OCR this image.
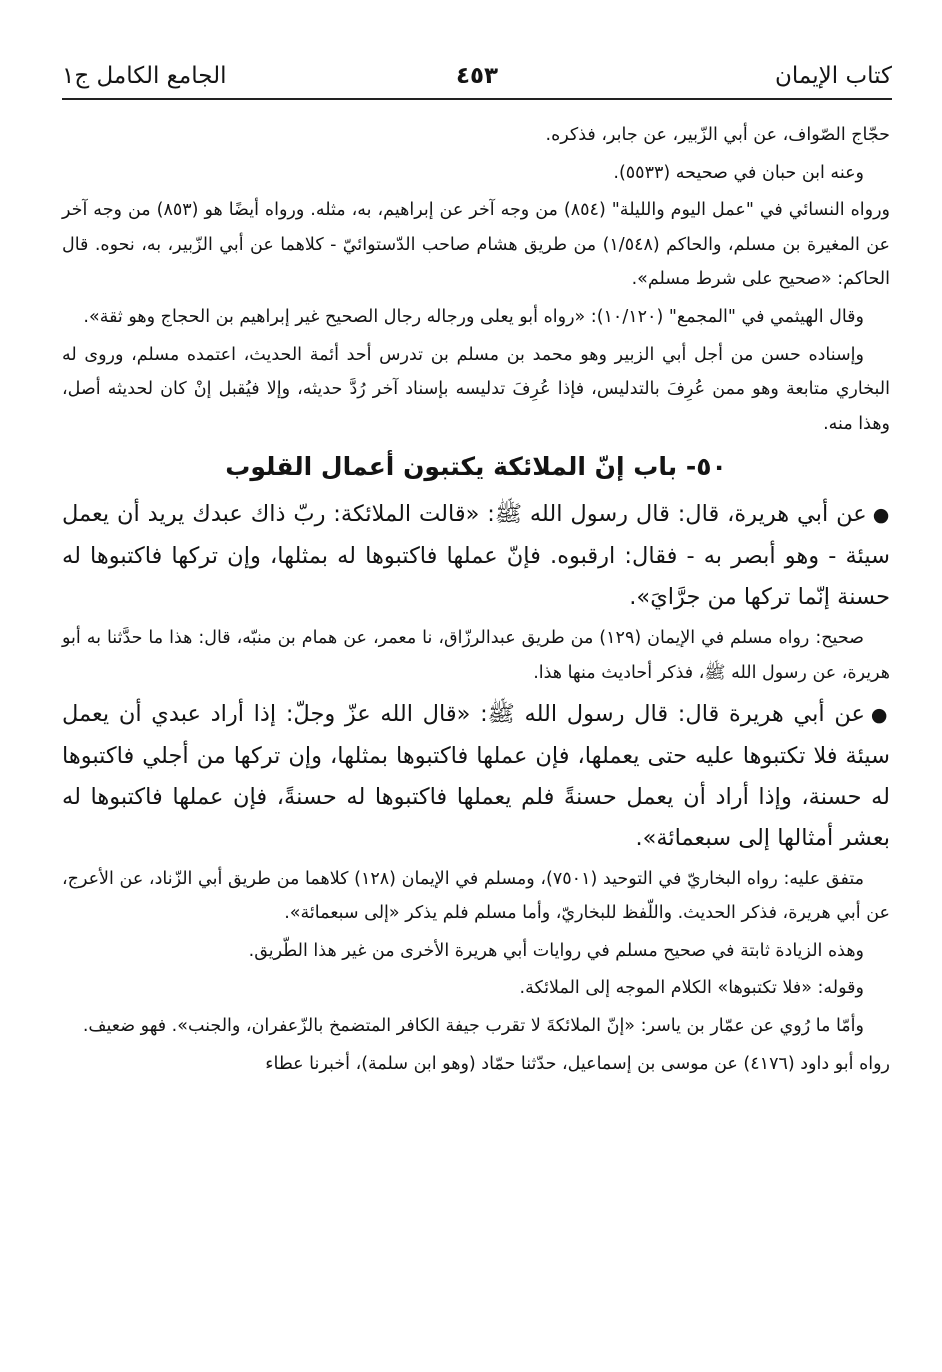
٤٥٣	كتاب الإيمان
الجامع الكامل ج١

حجّاج الصّواف، عن أبي الزّبير، عن جابر، فذكره.

وعنه ابن حبان في صحيحه (٥٥٣٣).

ورواه النسائي في "عمل اليوم والليلة" (٨٥٤) من وجه آخر عن إبراهيم، به، مثله. ورواه أيضًا هو (٨٥٣) من وجه آخر عن المغيرة بن مسلم، والحاكم (١/٥٤٨) من طريق هشام صاحب الدّستوائيّ - كلاهما عن أبي الزّبير، به، نحوه. قال الحاكم: «صحيح على شرط مسلم».

وقال الهيثمي في "المجمع" (١٠/١٢٠): «رواه أبو يعلى ورجاله رجال الصحيح غير إبراهيم بن الحجاج وهو ثقة».

وإسناده حسن من أجل أبي الزبير وهو محمد بن مسلم بن تدرس أحد أئمة الحديث، اعتمده مسلم، وروى له البخاري متابعة وهو ممن عُرِفَ بالتدليس، فإذا عُرِفَ تدليسه بإسناد آخر رُدَّ حديثه، وإلا فيُقبل إنْ كان لحديثه أصل، وهذا منه.

٥٠- باب إنّ الملائكة يكتبون أعمال القلوب

●عن أبي هريرة، قال: قال رسول الله ﷺ: «قالت الملائكة: ربّ ذاك عبدك يريد أن يعمل سيئة - وهو أبصر به - فقال: ارقبوه. فإنّ عملها فاكتبوها له بمثلها، وإن تركها فاكتبوها له حسنة إنّما تركها من جرَّايَ».

صحيح: رواه مسلم في الإيمان (١٢٩) من طريق عبدالرزّاق، نا معمر، عن همام بن منبّه، قال: هذا ما حدَّثنا به أبو هريرة، عن رسول الله ﷺ، فذكر أحاديث منها هذا.

●عن أبي هريرة قال: قال رسول الله ﷺ: «قال الله عزّ وجلّ: إذا أراد عبدي أن يعمل سيئة فلا تكتبوها عليه حتى يعملها، فإن عملها فاكتبوها بمثلها، وإن تركها من أجلي فاكتبوها له حسنة، وإذا أراد أن يعمل حسنةً فلم يعملها فاكتبوها له حسنةً، فإن عملها فاكتبوها له بعشر أمثالها إلى سبعمائة».

متفق عليه: رواه البخاريّ في التوحيد (٧٥٠١)، ومسلم في الإيمان (١٢٨) كلاهما من طريق أبي الزّناد، عن الأعرج، عن أبي هريرة، فذكر الحديث. واللّفظ للبخاريّ، وأما مسلم فلم يذكر «إلى سبعمائة».

وهذه الزيادة ثابتة في صحيح مسلم في روايات أبي هريرة الأخرى من غير هذا الطّريق.

وقوله: «فلا تكتبوها» الكلام الموجه إلى الملائكة.

وأمّا ما رُوي عن عمّار بن ياسر: «إنّ الملائكةَ لا تقرب جيفة الكافر المتضمخ بالزّعفران، والجنب». فهو ضعيف.

رواه أبو داود (٤١٧٦) عن موسى بن إسماعيل، حدّثنا حمّاد (وهو ابن سلمة)، أخبرنا عطاء
